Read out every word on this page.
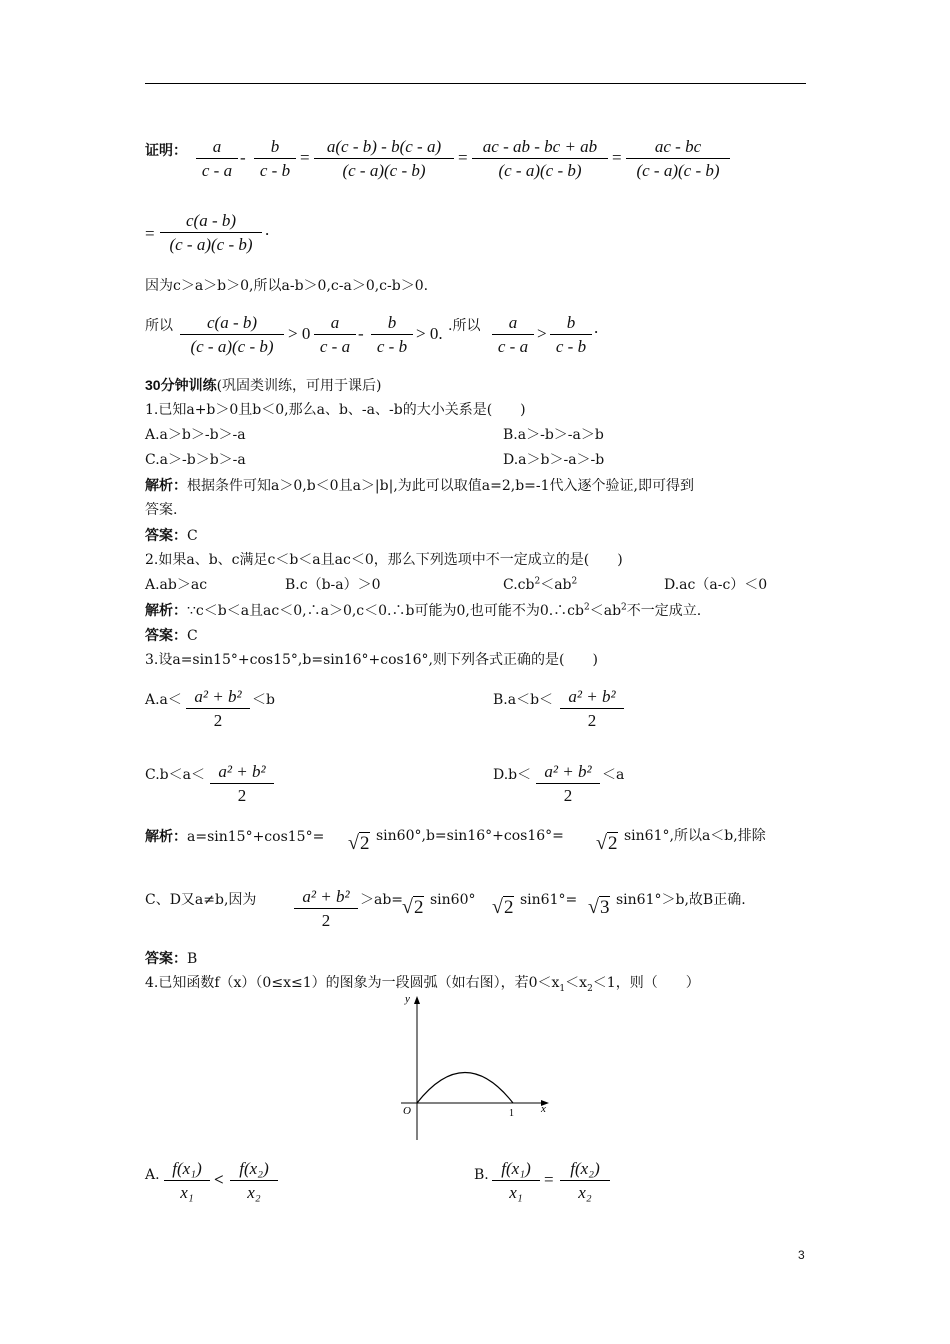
证明：	a
c - a
-
b
c - b
=
a(c - b) - b(c - a)
(c - a)(c - b)
=
ac - ab - bc + ab
(c - a)(c - b)
=
ac - bc
(c - a)(c - b)
=
c(a - b)
(c - a)(c - b)
.
因为c＞a＞b＞0,所以a-b＞0,c-a＞0,c-b＞0.
所以	c(a - b)
(c - a)(c - b)
> 0
a
c - a
-
b
c - b
> 0. .所以	a
c - a
>
b
c - b
.
30分钟训练(巩固类训练，可用于课后)
1.已知a+b＞0且b＜0,那么a、b、-a、-b的大小关系是(　　)
A.a＞b＞-b＞-a	B.a＞-b＞-a＞b
C.a＞-b＞b＞-a	D.a＞b＞-a＞-b
解析：根据条件可知a＞0,b＜0且a＞|b|,为此可以取值a=2,b=-1代入逐个验证,即可得到
答案.
答案：C
2.如果a、b、c满足c＜b＜a且ac＜0，那么下列选项中不一定成立的是(　　)
A.ab＞ac	B.c（b-a）＞0	$C.cb^2<ab^2$	D.ac（a-c）＜0
解析：∵c＜b＜a且ac＜0,∴a＞0,c＜0.∴b可能为0,也可能不为$0.\therefore cb^2<ab^2$不一定成立.
答案：C
3.设a=sin15°+cos15°,b=sin16°+cos16°,则下列各式正确的是(　　)
A.a＜ a² + b²
2
＜b	B.a＜b＜ a² + b²
2
C.b＜a＜ a² + b²
2
D.b＜ a² + b²
2
＜a
解析：a=sin15°+cos15°= √2 sin60°,b=sin16°+cos16°= √2 sin61°,所以a＜b,排除
C、D又a≠b,因为	a² + b²
2
＞ab=
√2 sin60° √2 sin61°= √3 sin61°＞b,故B正确.
答案：B
4.已知函数f（x）（0≤x≤1）的图象为一段圆弧（如右图），若$0<x_1<x_2<1$，则（　　）
y
x
O	1
A. f(x₁)
x₁
<
f(x₂)
x₂
B. f(x₁)
x₁
=
f(x₂)
x₂
3
